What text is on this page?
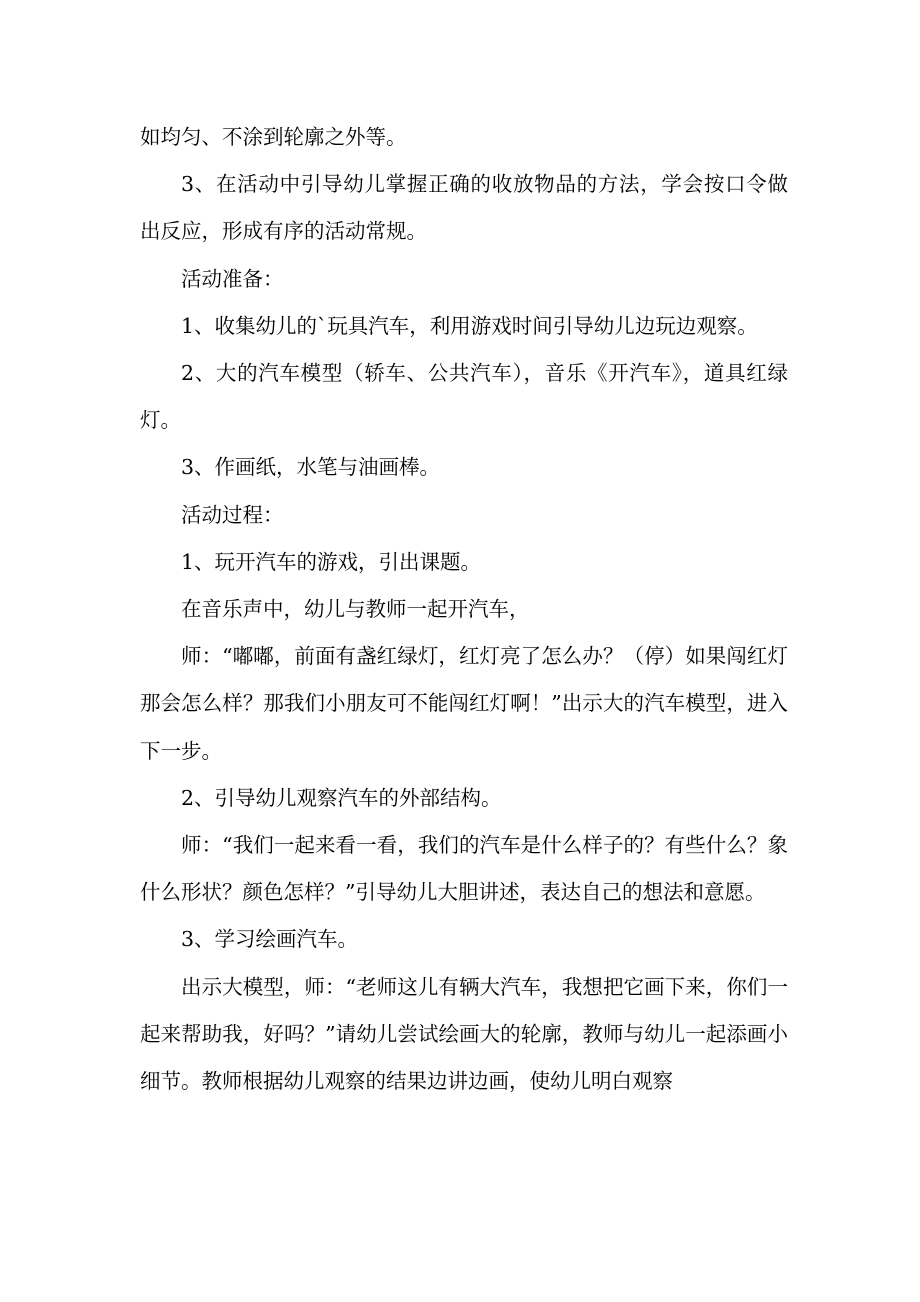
如均匀、不涂到轮廓之外等。

3、在活动中引导幼儿掌握正确的收放物品的方法，学会按口令做出反应，形成有序的活动常规。

活动准备：

1、收集幼儿的`玩具汽车，利用游戏时间引导幼儿边玩边观察。

2、大的汽车模型（轿车、公共汽车），音乐《开汽车》，道具红绿灯。

3、作画纸，水笔与油画棒。

活动过程：

1、玩开汽车的游戏，引出课题。

在音乐声中，幼儿与教师一起开汽车，

师：“嘟嘟，前面有盏红绿灯，红灯亮了怎么办？（停）如果闯红灯那会怎么样？那我们小朋友可不能闯红灯啊！”出示大的汽车模型，进入下一步。

2、引导幼儿观察汽车的外部结构。

师：“我们一起来看一看，我们的汽车是什么样子的？有些什么？象什么形状？颜色怎样？”引导幼儿大胆讲述，表达自己的想法和意愿。

3、学习绘画汽车。

出示大模型，师：“老师这儿有辆大汽车，我想把它画下来，你们一起来帮助我，好吗？”请幼儿尝试绘画大的轮廓，教师与幼儿一起添画小细节。教师根据幼儿观察的结果边讲边画，使幼儿明白观察
